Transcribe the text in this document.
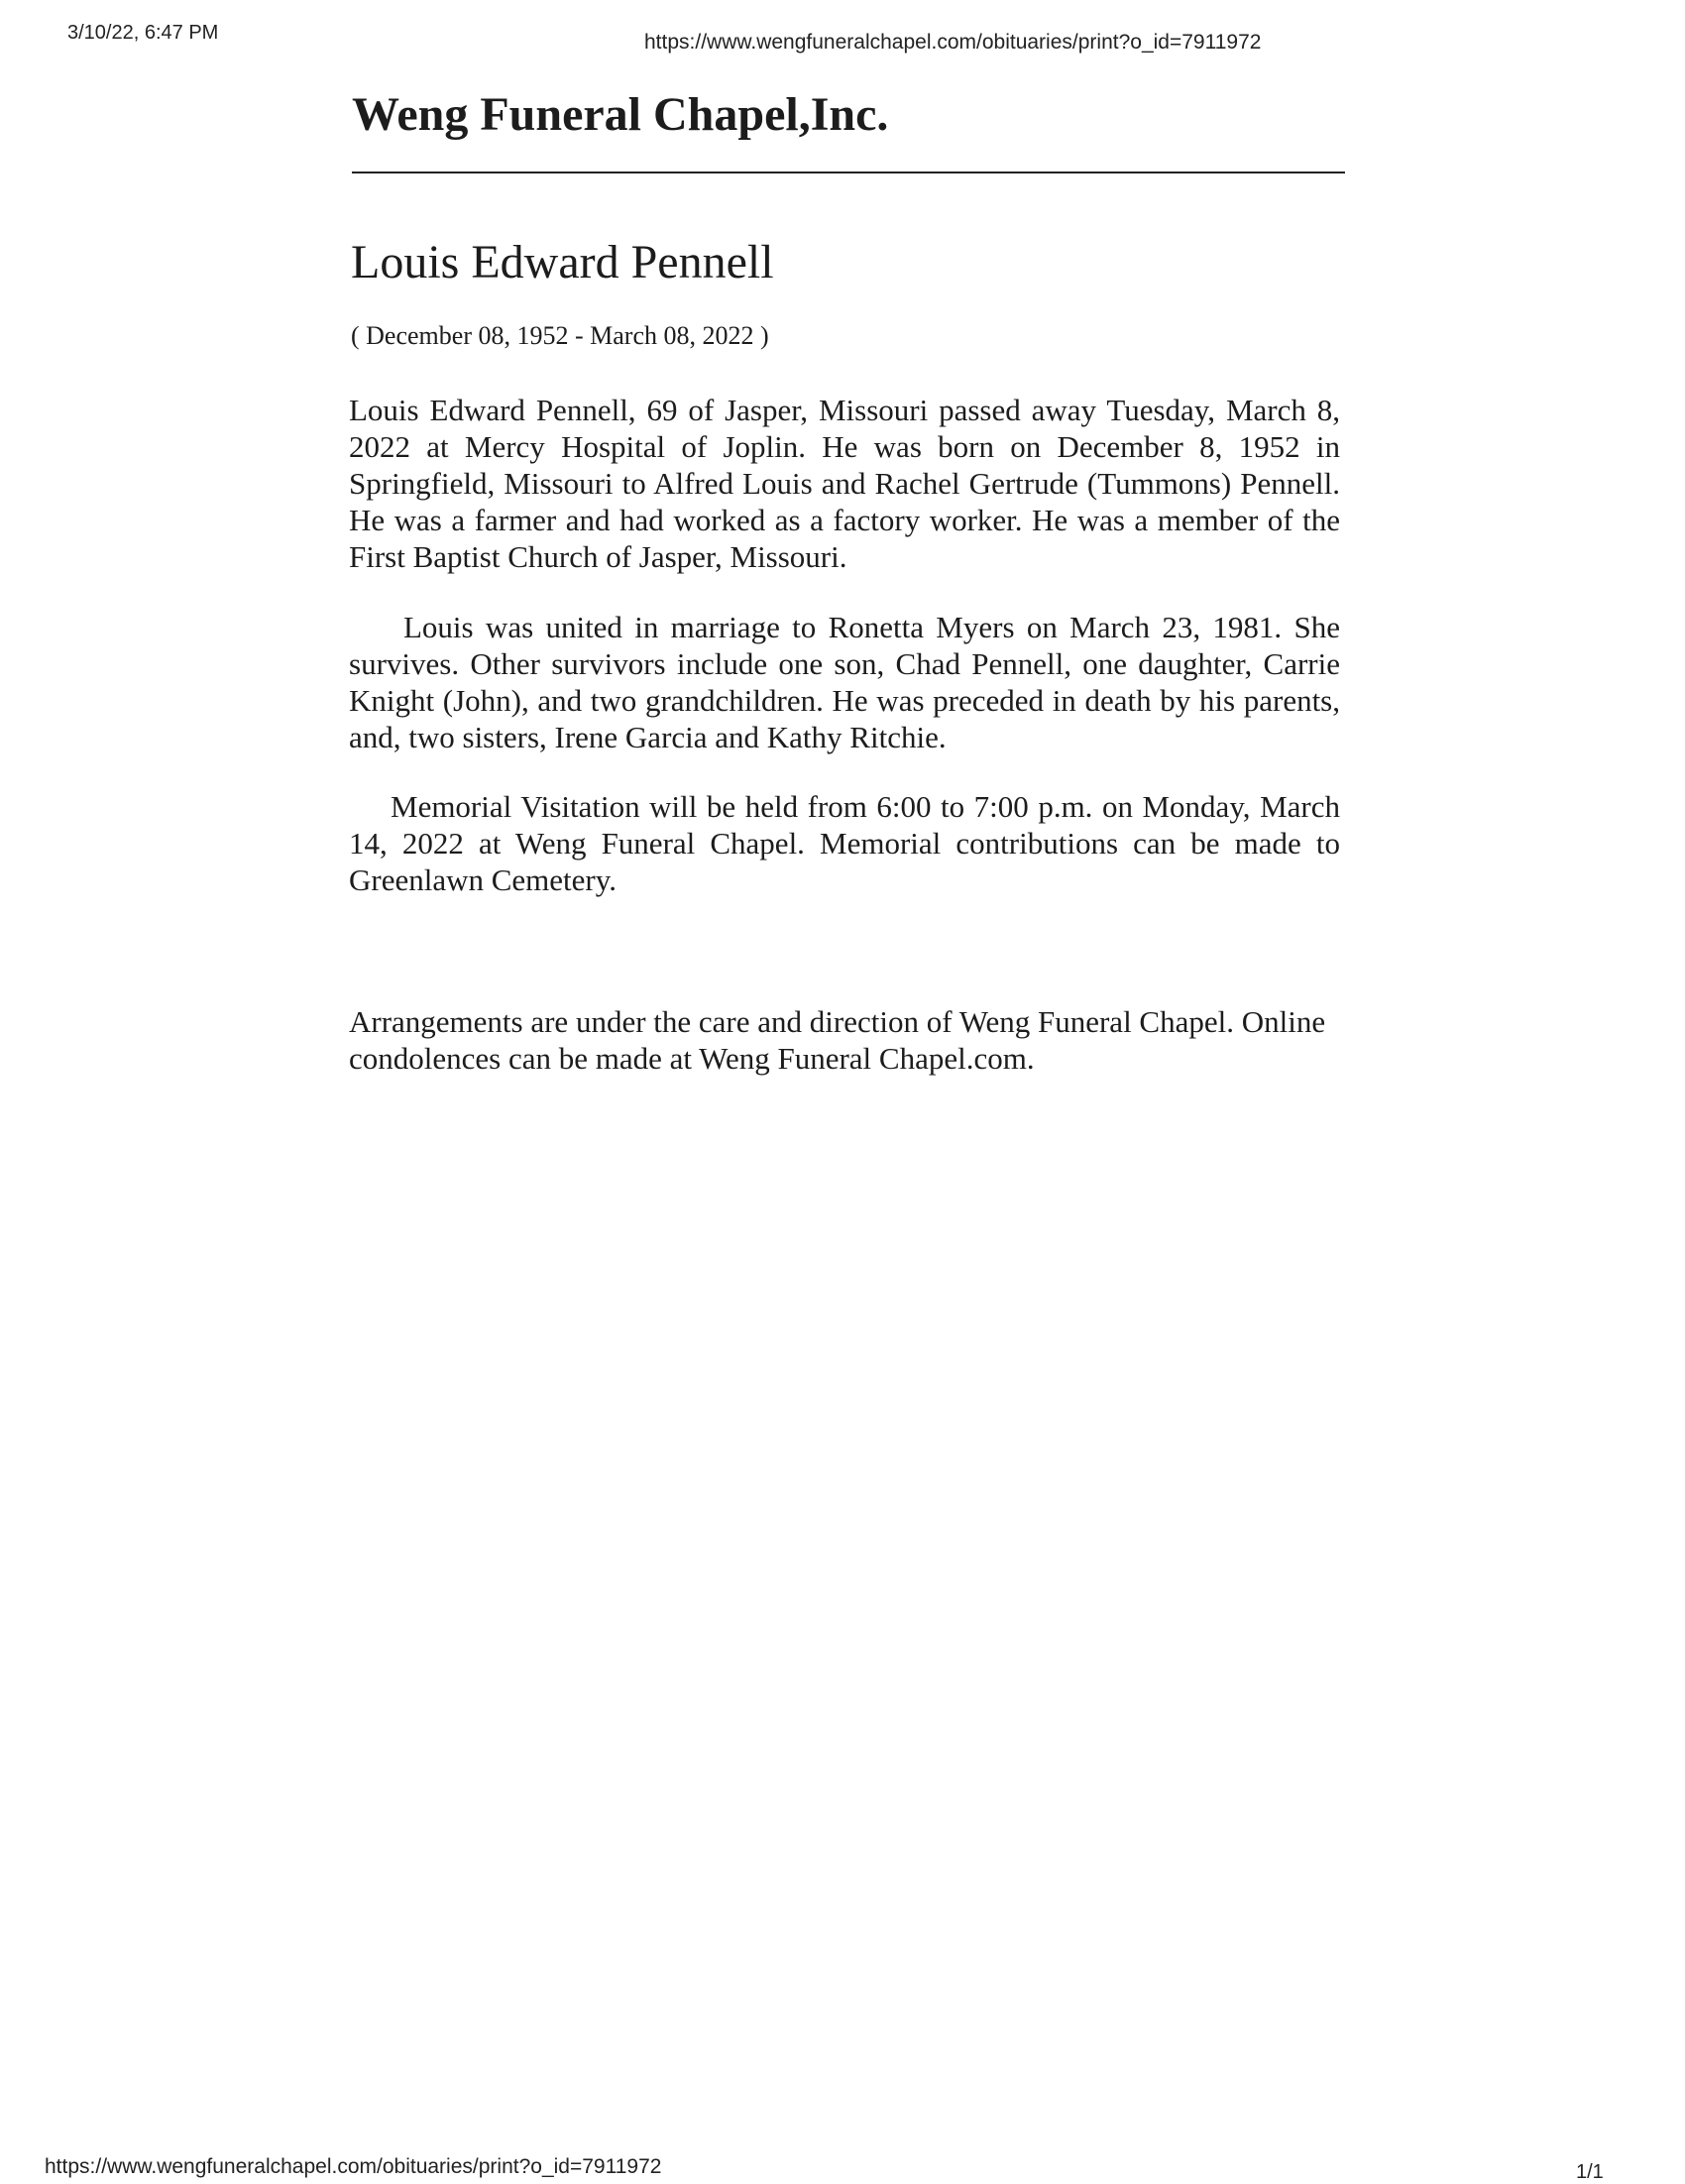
3/10/22, 6:47 PM	https://www.wengfuneralchapel.com/obituaries/print?o_id=7911972
Weng Funeral Chapel,Inc.
Louis Edward Pennell
( December 08, 1952 - March 08, 2022 )

Louis Edward Pennell, 69 of Jasper, Missouri passed away Tuesday, March 8, 2022 at Mercy Hospital of Joplin. He was born on December 8, 1952 in Springfield, Missouri to Alfred Louis and Rachel Gertrude (Tummons) Pennell. He was a farmer and had worked as a factory worker. He was a member of the First Baptist Church of Jasper, Missouri.

Louis was united in marriage to Ronetta Myers on March 23, 1981. She survives. Other survivors include one son, Chad Pennell, one daughter, Carrie Knight (John), and two grandchildren. He was preceded in death by his parents, and, two sisters, Irene Garcia and Kathy Ritchie.

Memorial Visitation will be held from 6:00 to 7:00 p.m. on Monday, March 14, 2022 at Weng Funeral Chapel. Memorial contributions can be made to Greenlawn Cemetery.

Arrangements are under the care and direction of Weng Funeral Chapel. Online condolences can be made at Weng Funeral Chapel.com.

https://www.wengfuneralchapel.com/obituaries/print?o_id=7911972	1/1
